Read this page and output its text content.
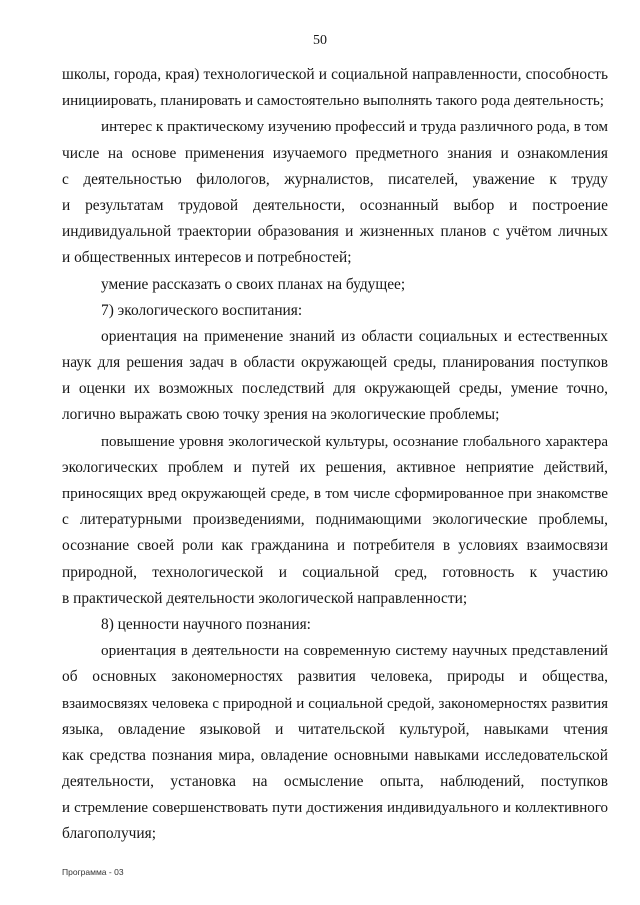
50
школы, города, края) технологической и социальной направленности, способность
инициировать, планировать и самостоятельно выполнять такого рода деятельность;
интерес к практическому изучению профессий и труда различного рода, в том
числе на основе применения изучаемого предметного знания и ознакомления
с деятельностью филологов, журналистов, писателей, уважение к труду
и результатам трудовой деятельности, осознанный выбор и построение
индивидуальной траектории образования и жизненных планов с учётом личных
и общественных интересов и потребностей;
умение рассказать о своих планах на будущее;
7) экологического воспитания:
ориентация на применение знаний из области социальных и естественных
наук для решения задач в области окружающей среды, планирования поступков
и оценки их возможных последствий для окружающей среды, умение точно,
логично выражать свою точку зрения на экологические проблемы;
повышение уровня экологической культуры, осознание глобального характера
экологических проблем и путей их решения, активное неприятие действий,
приносящих вред окружающей среде, в том числе сформированное при знакомстве
с литературными произведениями, поднимающими экологические проблемы,
осознание своей роли как гражданина и потребителя в условиях взаимосвязи
природной, технологической и социальной сред, готовность к участию
в практической деятельности экологической направленности;
8) ценности научного познания:
ориентация в деятельности на современную систему научных представлений
об основных закономерностях развития человека, природы и общества,
взаимосвязях человека с природной и социальной средой, закономерностях развития
языка, овладение языковой и читательской культурой, навыками чтения
как средства познания мира, овладение основными навыками исследовательской
деятельности, установка на осмысление опыта, наблюдений, поступков
и стремление совершенствовать пути достижения индивидуального и коллективного
благополучия;
Программа - 03
